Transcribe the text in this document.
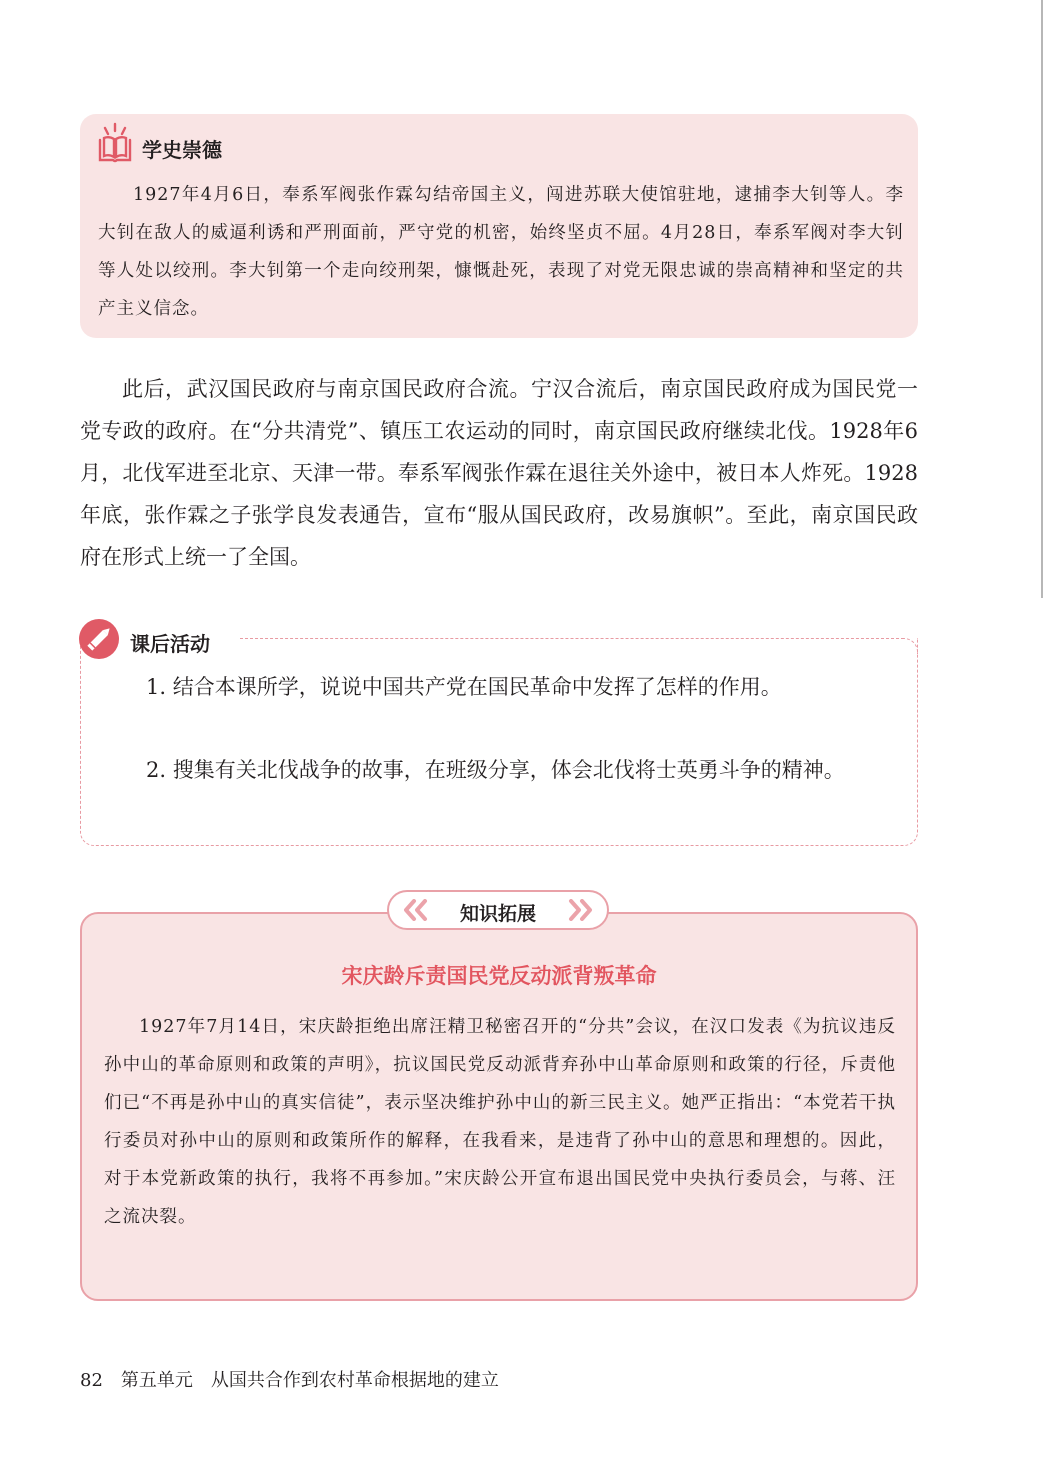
学史崇德

1927年4月6日，奉系军阀张作霖勾结帝国主义，闯进苏联大使馆驻地，逮捕李大钊等人。李大钊在敌人的威逼利诱和严刑面前，严守党的机密，始终坚贞不屈。4月28日，奉系军阀对李大钊等人处以绞刑。李大钊第一个走向绞刑架，慷慨赴死，表现了对党无限忠诚的崇高精神和坚定的共产主义信念。

此后，武汉国民政府与南京国民政府合流。宁汉合流后，南京国民政府成为国民党一党专政的政府。在“分共清党”、镇压工农运动的同时，南京国民政府继续北伐。1928年6月，北伐军进至北京、天津一带。奉系军阀张作霖在退往关外途中，被日本人炸死。1928年底，张作霖之子张学良发表通告，宣布“服从国民政府，改易旗帜”。至此，南京国民政府在形式上统一了全国。

课后活动

1. 结合本课所学，说说中国共产党在国民革命中发挥了怎样的作用。

2. 搜集有关北伐战争的故事，在班级分享，体会北伐将士英勇斗争的精神。

知识拓展
宋庆龄斥责国民党反动派背叛革命

1927年7月14日，宋庆龄拒绝出席汪精卫秘密召开的“分共”会议，在汉口发表《为抗议违反孙中山的革命原则和政策的声明》，抗议国民党反动派背弃孙中山革命原则和政策的行径，斥责他们已“不再是孙中山的真实信徒”，表示坚决维护孙中山的新三民主义。她严正指出：“本党若干执行委员对孙中山的原则和政策所作的解释，在我看来，是违背了孙中山的意思和理想的。因此，对于本党新政策的执行，我将不再参加。”宋庆龄公开宣布退出国民党中央执行委员会，与蒋、汪之流决裂。

82 第五单元 从国共合作到农村革命根据地的建立
